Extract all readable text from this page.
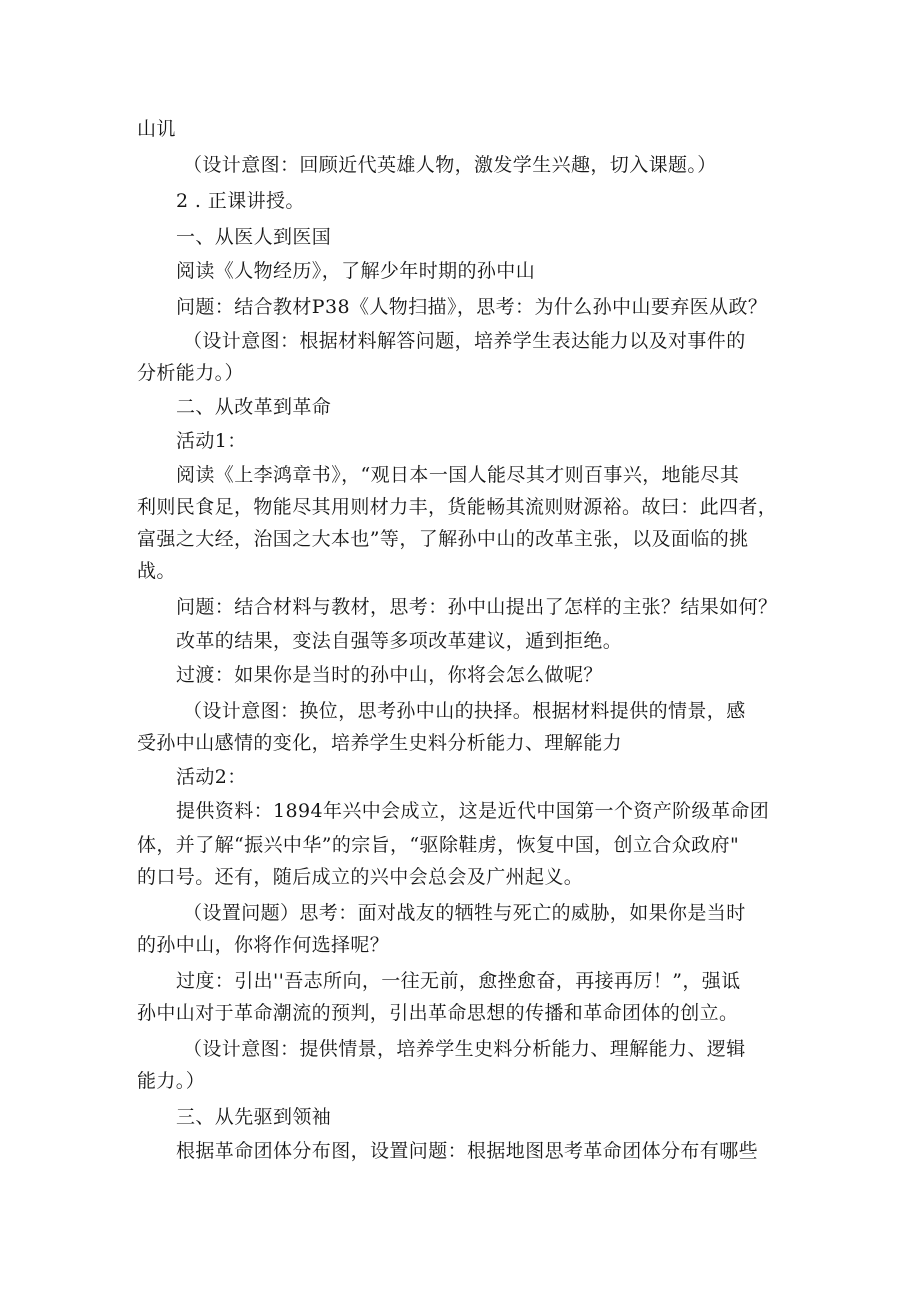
山讥

（设计意图：回顾近代英雄人物，激发学生兴趣，切入课题。）

2 . 正课讲授。

一、从医人到医国

阅读《人物经历》，了解少年时期的孙中山

问题：结合教材P38《人物扫描》，思考：为什么孙中山要弃医从政？

（设计意图：根据材料解答问题，培养学生表达能力以及对事件的

分析能力。）

二、从改革到革命

活动1：

阅读《上李鸿章书》，“观日本一国人能尽其才则百事兴，地能尽其

利则民食足，物能尽其用则材力丰，货能畅其流则财源裕。故曰：此四者，

富强之大经，治国之大本也”等，了解孙中山的改革主张，以及面临的挑

战。

问题：结合材料与教材，思考：孙中山提出了怎样的主张？结果如何？

改革的结果，变法自强等多项改革建议，遁到拒绝。

过渡：如果你是当时的孙中山，你将会怎么做呢？

（设计意图：换位，思考孙中山的抉择。根据材料提供的情景，感

受孙中山感情的变化，培养学生史料分析能力、理解能力

活动2：

提供资料：1894年兴中会成立，这是近代中国第一个资产阶级革命团

体，并了解“振兴中华”的宗旨，“驱除鞋虏，恢复中国，创立合众政府"

的口号。还有，随后成立的兴中会总会及广州起义。

（设置问题）思考：面对战友的牺牲与死亡的威胁，如果你是当时

的孙中山，你将作何选择呢？

过度：引出''吾志所向，一往无前，愈挫愈奋，再接再厉！”，强诋

孙中山对于革命潮流的预判，引出革命思想的传播和革命团体的创立。

（设计意图：提供情景，培养学生史料分析能力、理解能力、逻辑

能力。）

三、从先驱到领袖

根据革命团体分布图，设置问题：根据地图思考革命团体分布有哪些
